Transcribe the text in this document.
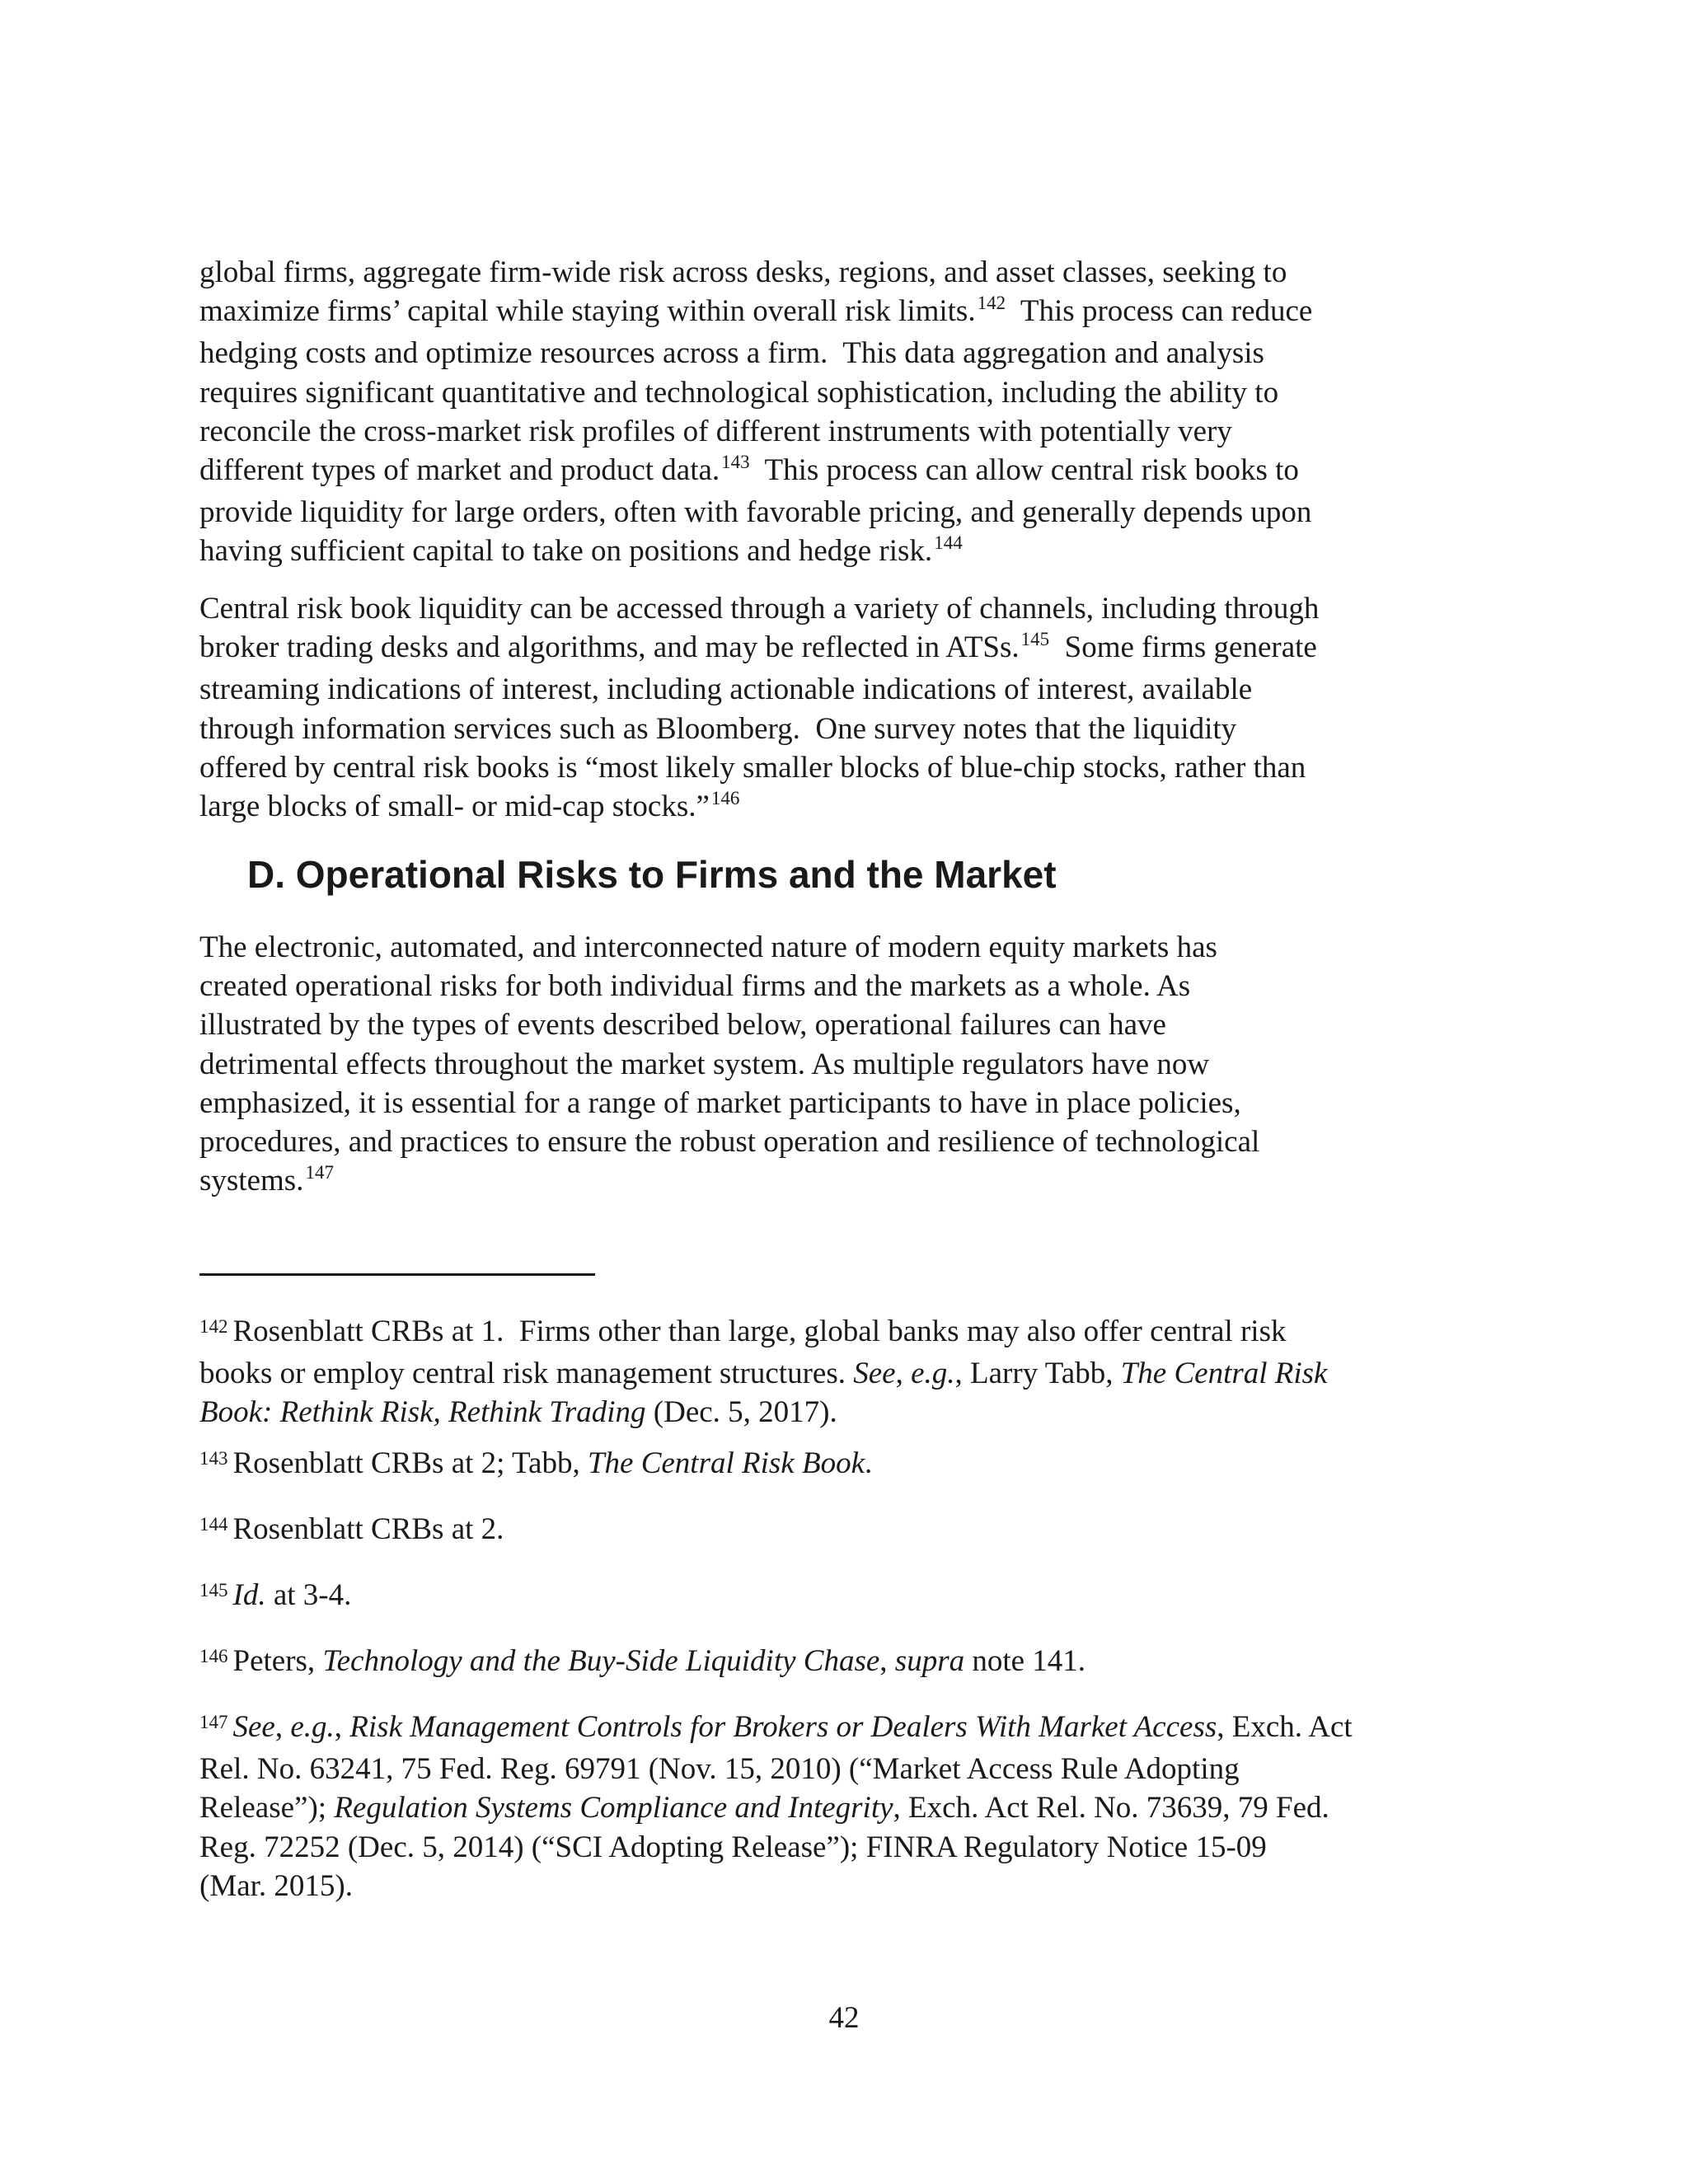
global firms, aggregate firm-wide risk across desks, regions, and asset classes, seeking to
maximize firms’ capital while staying within overall risk limits.$^{142}$  This process can reduce
hedging costs and optimize resources across a firm.  This data aggregation and analysis
requires significant quantitative and technological sophistication, including the ability to
reconcile the cross-market risk profiles of different instruments with potentially very
different types of market and product data.$^{143}$  This process can allow central risk books to
provide liquidity for large orders, often with favorable pricing, and generally depends upon
having sufficient capital to take on positions and hedge risk.$^{144}$

Central risk book liquidity can be accessed through a variety of channels, including through
broker trading desks and algorithms, and may be reflected in ATSs.$^{145}$  Some firms generate
streaming indications of interest, including actionable indications of interest, available
through information services such as Bloomberg.  One survey notes that the liquidity
offered by central risk books is “most likely smaller blocks of blue-chip stocks, rather than
large blocks of small- or mid-cap stocks.”$^{146}$

D. Operational Risks to Firms and the Market

The electronic, automated, and interconnected nature of modern equity markets has
created operational risks for both individual firms and the markets as a whole. As
illustrated by the types of events described below, operational failures can have
detrimental effects throughout the market system. As multiple regulators have now
emphasized, it is essential for a range of market participants to have in place policies,
procedures, and practices to ensure the robust operation and resilience of technological
systems.$^{147}$

$^{142}$ Rosenblatt CRBs at 1.  Firms other than large, global banks may also offer central risk
books or employ central risk management structures. See, e.g., Larry Tabb, The Central Risk
Book: Rethink Risk, Rethink Trading (Dec. 5, 2017).

$^{143}$ Rosenblatt CRBs at 2; Tabb, The Central Risk Book.

$^{144}$ Rosenblatt CRBs at 2.

$^{145}$ Id. at 3-4.

$^{146}$ Peters, Technology and the Buy-Side Liquidity Chase, supra note 141.

$^{147}$ See, e.g., Risk Management Controls for Brokers or Dealers With Market Access, Exch. Act
Rel. No. 63241, 75 Fed. Reg. 69791 (Nov. 15, 2010) (“Market Access Rule Adopting
Release”); Regulation Systems Compliance and Integrity, Exch. Act Rel. No. 73639, 79 Fed.
Reg. 72252 (Dec. 5, 2014) (“SCI Adopting Release”); FINRA Regulatory Notice 15-09
(Mar. 2015).

42
